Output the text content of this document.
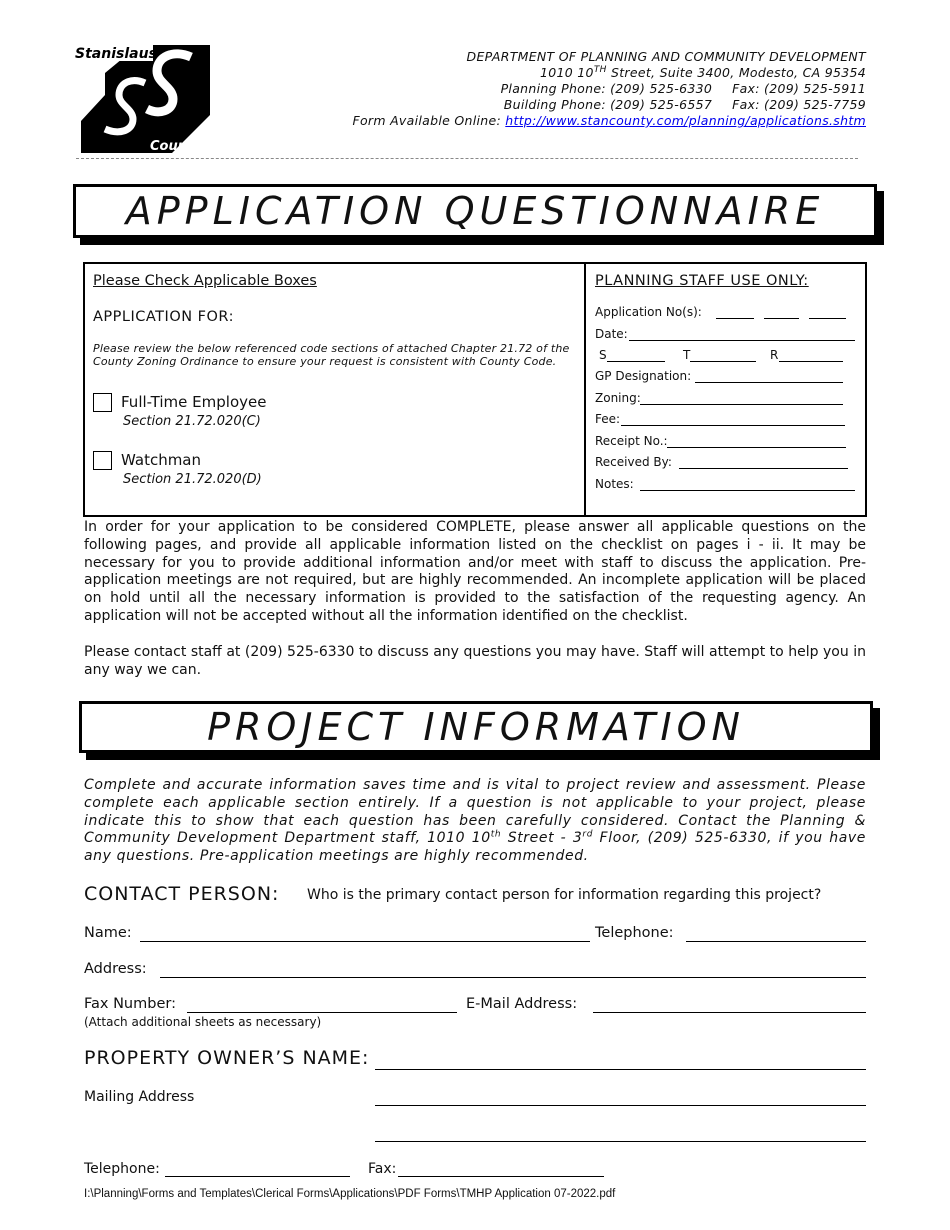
Stanislaus
County
DEPARTMENT OF PLANNING AND COMMUNITY DEVELOPMENT
1010 10TH Street, Suite 3400, Modesto, CA 95354
Planning Phone: (209) 525-6330 Fax: (209) 525-5911
Building Phone: (209) 525-6557 Fax: (209) 525-7759
Form Available Online: http://www.stancounty.com/planning/applications.shtm
APPLICATION QUESTIONNAIRE
Please Check Applicable Boxes
APPLICATION FOR:
Please review the below referenced code sections of attached Chapter 21.72 of the County Zoning Ordinance to ensure your request is consistent with County Code.
Full-Time Employee
Section 21.72.020(C)
Watchman
Section 21.72.020(D)
PLANNING STAFF USE ONLY:
Application No(s):
Date:
S	T	R
GP Designation:
Zoning:
Fee:
Receipt No.:
Received By:
Notes:
In order for your application to be considered COMPLETE, please answer all applicable questions on the following pages, and provide all applicable information listed on the checklist on pages i - ii. It may be necessary for you to provide additional information and/or meet with staff to discuss the application. Pre-application meetings are not required, but are highly recommended. An incomplete application will be placed on hold until all the necessary information is provided to the satisfaction of the requesting agency. An application will not be accepted without all the information identified on the checklist.
Please contact staff at (209) 525-6330 to discuss any questions you may have. Staff will attempt to help you in any way we can.
PROJECT INFORMATION
Complete and accurate information saves time and is vital to project review and assessment. Please complete each applicable section entirely. If a question is not applicable to your project, please indicate this to show that each question has been carefully considered. Contact the Planning & Community Development Department staff, 1010 10th Street - 3rd Floor, (209) 525-6330, if you have any questions. Pre-application meetings are highly recommended.
CONTACT PERSON: Who is the primary contact person for information regarding this project?
Name:	Telephone:
Address:
Fax Number:	E-Mail Address:
(Attach additional sheets as necessary)
PROPERTY OWNER’S NAME:
Mailing Address
Telephone:	Fax:
I:\Planning\Forms and Templates\Clerical Forms\Applications\PDF Forms\TMHP Application 07-2022.pdf
